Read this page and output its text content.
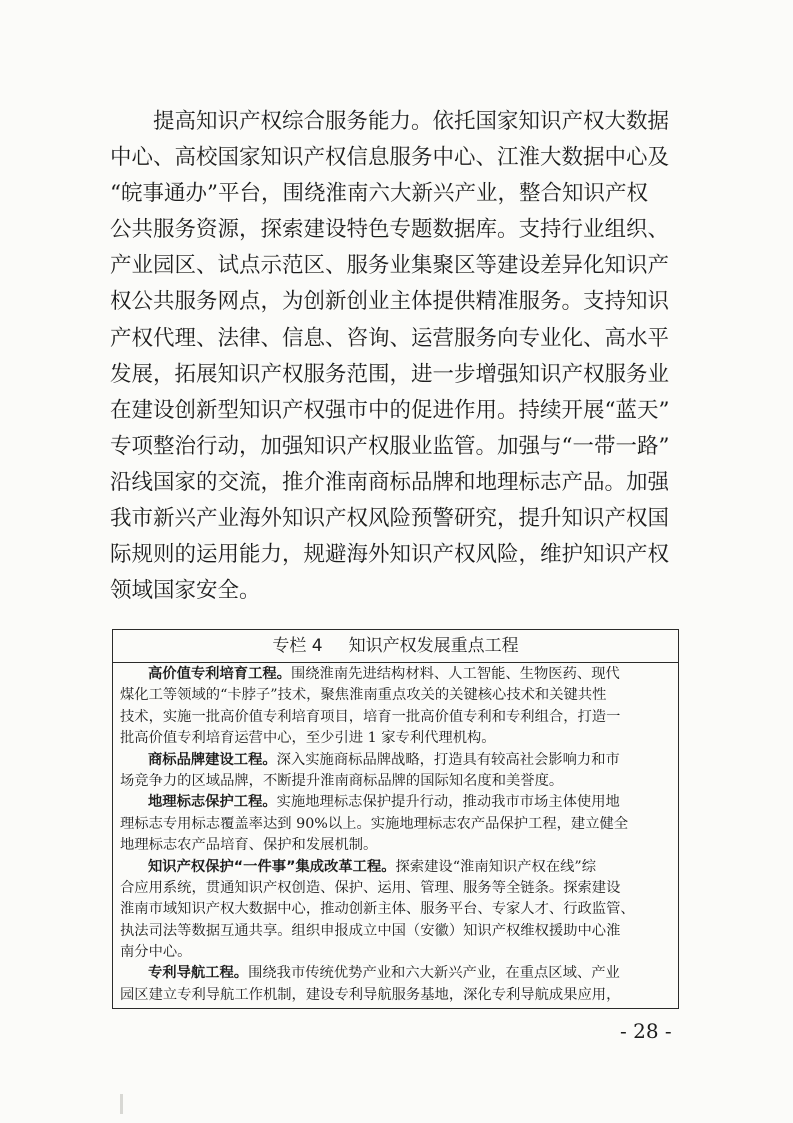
提高知识产权综合服务能力。依托国家知识产权大数据
中心、高校国家知识产权信息服务中心、江淮大数据中心及
“皖事通办”平台，围绕淮南六大新兴产业，整合知识产权
公共服务资源，探索建设特色专题数据库。支持行业组织、
产业园区、试点示范区、服务业集聚区等建设差异化知识产
权公共服务网点，为创新创业主体提供精准服务。支持知识
产权代理、法律、信息、咨询、运营服务向专业化、高水平
发展，拓展知识产权服务范围，进一步增强知识产权服务业
在建设创新型知识产权强市中的促进作用。持续开展“蓝天”
专项整治行动，加强知识产权服业监管。加强与“一带一路”
沿线国家的交流，推介淮南商标品牌和地理标志产品。加强
我市新兴产业海外知识产权风险预警研究，提升知识产权国
际规则的运用能力，规避海外知识产权风险，维护知识产权
领域国家安全。
专栏 4 知识产权发展重点工程
高价值专利培育工程。围绕淮南先进结构材料、人工智能、生物医药、现代
煤化工等领域的“卡脖子”技术，聚焦淮南重点攻关的关键核心技术和关键共性
技术，实施一批高价值专利培育项目，培育一批高价值专利和专利组合，打造一
批高价值专利培育运营中心，至少引进 1 家专利代理机构。
商标品牌建设工程。深入实施商标品牌战略，打造具有较高社会影响力和市
场竞争力的区域品牌，不断提升淮南商标品牌的国际知名度和美誉度。
地理标志保护工程。实施地理标志保护提升行动，推动我市市场主体使用地
理标志专用标志覆盖率达到 90%以上。实施地理标志农产品保护工程，建立健全
地理标志农产品培育、保护和发展机制。
知识产权保护“一件事”集成改革工程。探索建设“淮南知识产权在线”综
合应用系统，贯通知识产权创造、保护、运用、管理、服务等全链条。探索建设
淮南市域知识产权大数据中心，推动创新主体、服务平台、专家人才、行政监管、
执法司法等数据互通共享。组织申报成立中国（安徽）知识产权维权援助中心淮
南分中心。
专利导航工程。围绕我市传统优势产业和六大新兴产业，在重点区域、产业
园区建立专利导航工作机制，建设专利导航服务基地，深化专利导航成果应用，
- 28 -
